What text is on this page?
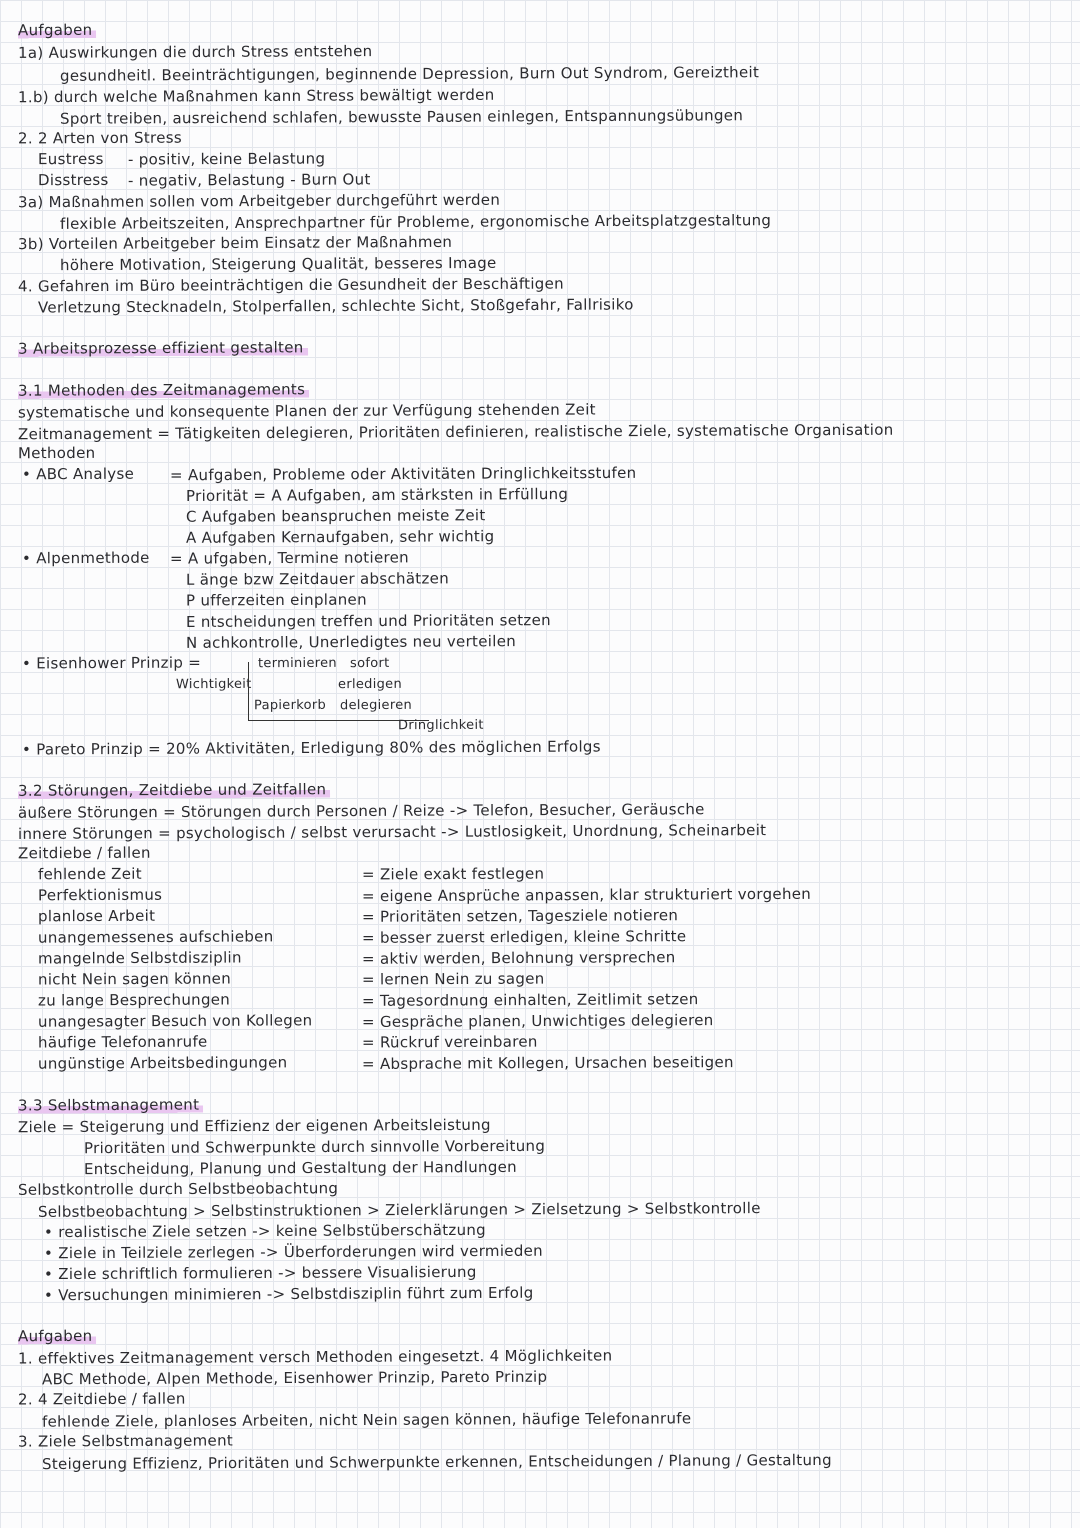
Aufgaben
1a) Auswirkungen die durch Stress entstehen
gesundheitl. Beeinträchtigungen, beginnende Depression, Burn Out Syndrom, Gereiztheit
1.b) durch welche Maßnahmen kann Stress bewältigt werden
Sport treiben, ausreichend schlafen, bewusste Pausen einlegen, Entspannungsübungen
2. 2 Arten von Stress
Eustress - positiv, keine Belastung
Disstress - negativ, Belastung - Burn Out
3a) Maßnahmen sollen vom Arbeitgeber durchgeführt werden
flexible Arbeitszeiten, Ansprechpartner für Probleme, ergonomische Arbeitsplatzgestaltung
3b) Vorteilen Arbeitgeber beim Einsatz der Maßnahmen
höhere Motivation, Steigerung Qualität, besseres Image
4. Gefahren im Büro beeinträchtigen die Gesundheit der Beschäftigen
Verletzung Stecknadeln, Stolperfallen, schlechte Sicht, Stoßgefahr, Fallrisiko
3 Arbeitsprozesse effizient gestalten
3.1 Methoden des Zeitmanagements
systematische und konsequente Planen der zur Verfügung stehenden Zeit
Zeitmanagement = Tätigkeiten delegieren, Prioritäten definieren, realistische Ziele, systematische Organisation
Methoden
• ABC Analyse = Aufgaben, Probleme oder Aktivitäten Dringlichkeitsstufen
Priorität = A Aufgaben, am stärksten in Erfüllung
C Aufgaben beanspruchen meiste Zeit
A Aufgaben Kernaufgaben, sehr wichtig
• Alpenmethode = A ufgaben, Termine notieren
L änge bzw Zeitdauer abschätzen
P ufferzeiten einplanen
E ntscheidungen treffen und Prioritäten setzen
N achkontrolle, Unerledigtes neu verteilen
• Eisenhower Prinzip =
Wichtigkeit
terminieren sofort
erledigen
Papierkorb delegieren
Dringlichkeit
• Pareto Prinzip = 20% Aktivitäten, Erledigung 80% des möglichen Erfolgs
3.2 Störungen, Zeitdiebe und Zeitfallen
äußere Störungen = Störungen durch Personen / Reize -> Telefon, Besucher, Geräusche
innere Störungen = psychologisch / selbst verursacht -> Lustlosigkeit, Unordnung, Scheinarbeit
Zeitdiebe / fallen
fehlende Zeit
Perfektionismus
planlose Arbeit
unangemessenes aufschieben
mangelnde Selbstdisziplin
nicht Nein sagen können
zu lange Besprechungen
unangesagter Besuch von Kollegen
häufige Telefonanrufe
ungünstige Arbeitsbedingungen
= Ziele exakt festlegen
= eigene Ansprüche anpassen, klar strukturiert vorgehen
= Prioritäten setzen, Tagesziele notieren
= besser zuerst erledigen, kleine Schritte
= aktiv werden, Belohnung versprechen
= lernen Nein zu sagen
= Tagesordnung einhalten, Zeitlimit setzen
= Gespräche planen, Unwichtiges delegieren
= Rückruf vereinbaren
= Absprache mit Kollegen, Ursachen beseitigen
3.3 Selbstmanagement
Ziele = Steigerung und Effizienz der eigenen Arbeitsleistung
Prioritäten und Schwerpunkte durch sinnvolle Vorbereitung
Entscheidung, Planung und Gestaltung der Handlungen
Selbstkontrolle durch Selbstbeobachtung
Selbstbeobachtung > Selbstinstruktionen > Zielerklärungen > Zielsetzung > Selbstkontrolle
• realistische Ziele setzen -> keine Selbstüberschätzung
• Ziele in Teilziele zerlegen -> Überforderungen wird vermieden
• Ziele schriftlich formulieren -> bessere Visualisierung
• Versuchungen minimieren -> Selbstdisziplin führt zum Erfolg
Aufgaben
1. effektives Zeitmanagement versch Methoden eingesetzt. 4 Möglichkeiten
ABC Methode, Alpen Methode, Eisenhower Prinzip, Pareto Prinzip
2. 4 Zeitdiebe / fallen
fehlende Ziele, planloses Arbeiten, nicht Nein sagen können, häufige Telefonanrufe
3. Ziele Selbstmanagement
Steigerung Effizienz, Prioritäten und Schwerpunkte erkennen, Entscheidungen / Planung / Gestaltung
